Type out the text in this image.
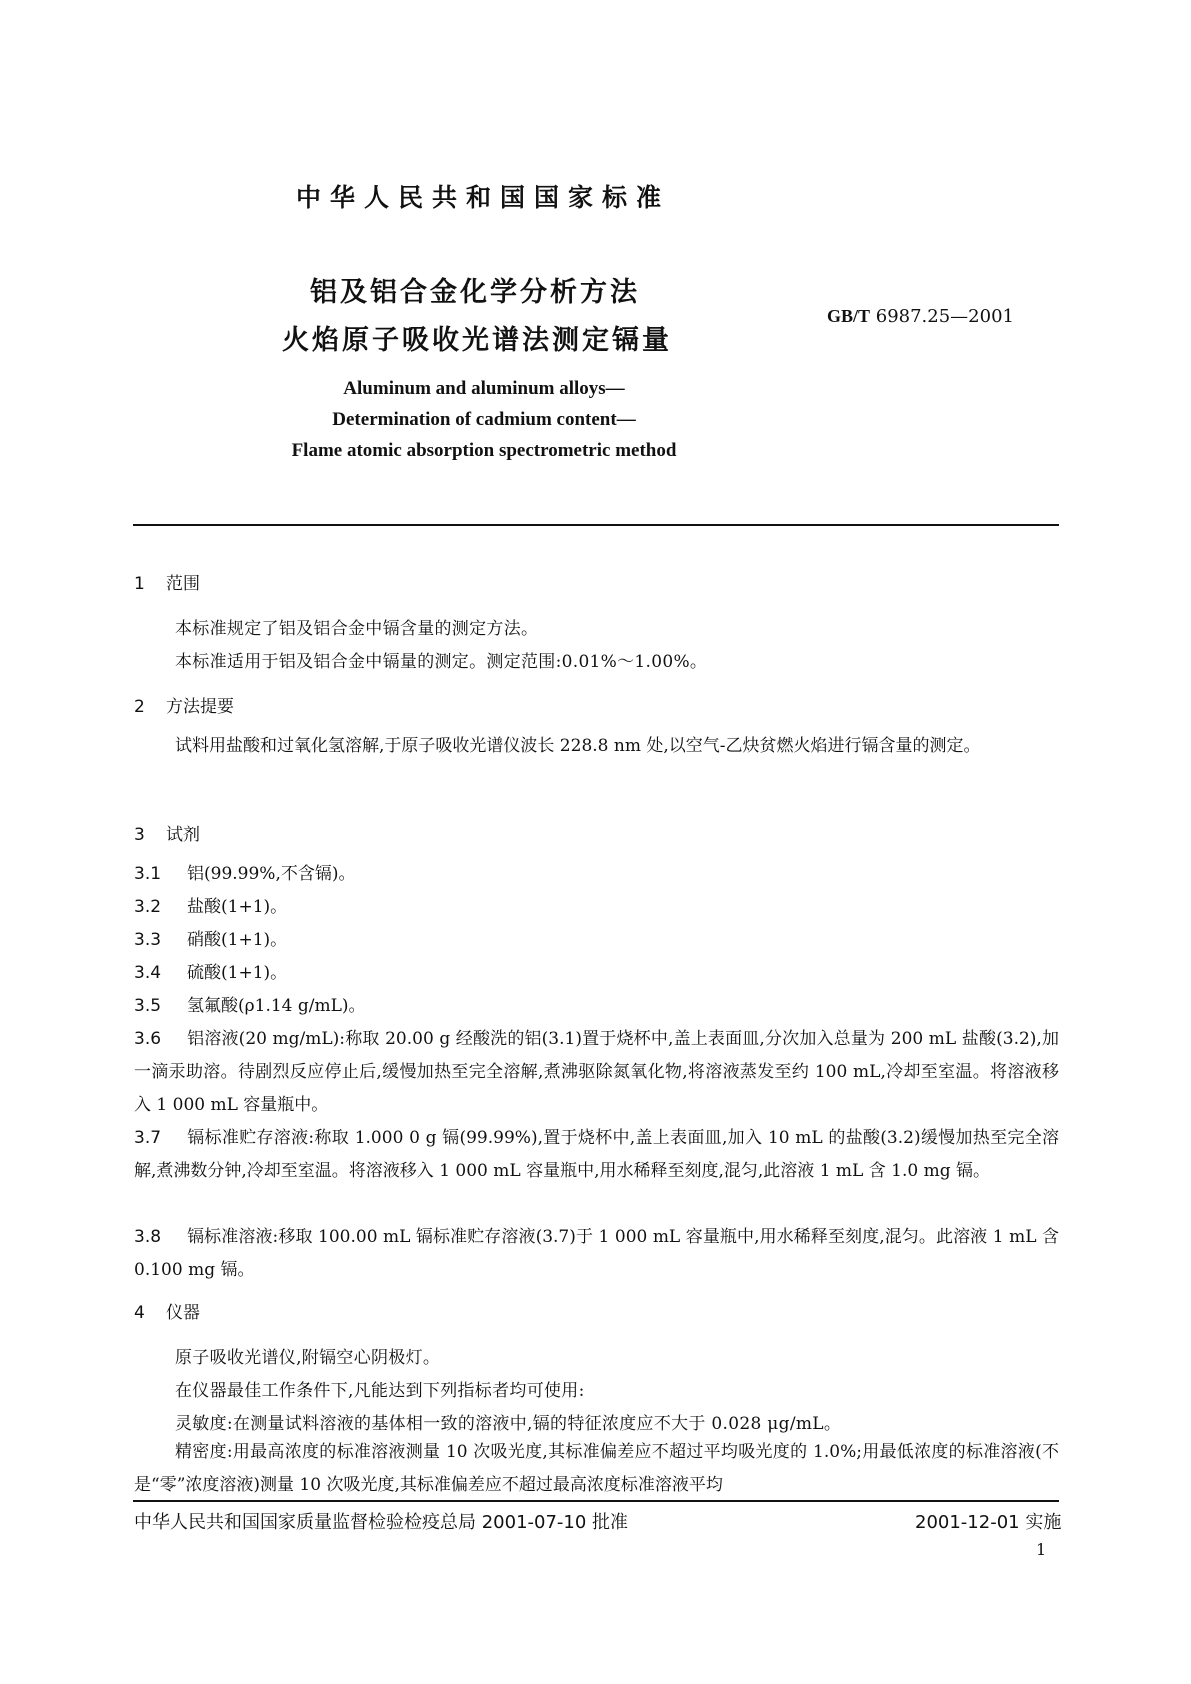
中华人民共和国国家标准
铝及铝合金化学分析方法
火焰原子吸收光谱法测定镉量
GB/T 6987.25—2001
Aluminum and aluminum alloys—
Determination of cadmium content—
Flame atomic absorption spectrometric method
1 范围
本标准规定了铝及铝合金中镉含量的测定方法。
本标准适用于铝及铝合金中镉量的测定。测定范围:0.01%～1.00%。
2 方法提要
试料用盐酸和过氧化氢溶解,于原子吸收光谱仪波长 228.8 nm 处,以空气-乙炔贫燃火焰进行镉含量的测定。
3 试剂
3.1 铝(99.99%,不含镉)。
3.2 盐酸(1+1)。
3.3 硝酸(1+1)。
3.4 硫酸(1+1)。
3.5 氢氟酸(ρ1.14 g/mL)。
3.6 铝溶液(20 mg/mL):称取 20.00 g 经酸洗的铝(3.1)置于烧杯中,盖上表面皿,分次加入总量为 200 mL 盐酸(3.2),加一滴汞助溶。待剧烈反应停止后,缓慢加热至完全溶解,煮沸驱除氮氧化物,将溶液蒸发至约 100 mL,冷却至室温。将溶液移入 1 000 mL 容量瓶中。
3.7 镉标准贮存溶液:称取 1.000 0 g 镉(99.99%),置于烧杯中,盖上表面皿,加入 10 mL 的盐酸(3.2)缓慢加热至完全溶解,煮沸数分钟,冷却至室温。将溶液移入 1 000 mL 容量瓶中,用水稀释至刻度,混匀,此溶液 1 mL 含 1.0 mg 镉。
3.8 镉标准溶液:移取 100.00 mL 镉标准贮存溶液(3.7)于 1 000 mL 容量瓶中,用水稀释至刻度,混匀。此溶液 1 mL 含 0.100 mg 镉。
4 仪器
原子吸收光谱仪,附镉空心阴极灯。
在仪器最佳工作条件下,凡能达到下列指标者均可使用:
灵敏度:在测量试料溶液的基体相一致的溶液中,镉的特征浓度应不大于 0.028 μg/mL。
精密度:用最高浓度的标准溶液测量 10 次吸光度,其标准偏差应不超过平均吸光度的 1.0%;用最低浓度的标准溶液(不是“零”浓度溶液)测量 10 次吸光度,其标准偏差应不超过最高浓度标准溶液平均
中华人民共和国国家质量监督检验检疫总局 2001-07-10 批准	2001-12-01 实施
1
